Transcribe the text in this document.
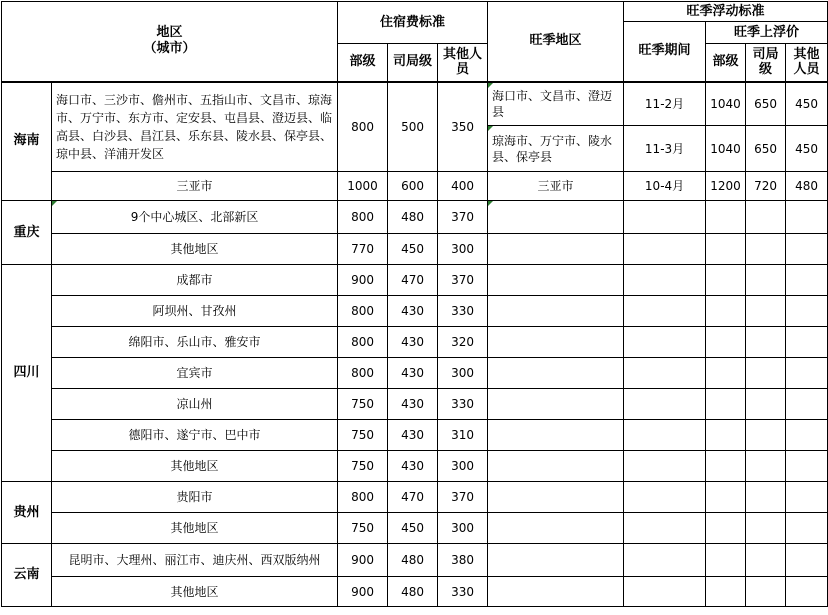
地区
（城市）		住宿费标准			旺季地区	旺季浮动标准			
						旺季期间	旺季上浮价		
		部级	司局级	其他人员			部级	司局级	其他人员
海南	海口市、三沙市、儋州市、五指山市、文昌市、琼海市、万宁市、东方市、定安县、屯昌县、澄迈县、临高县、白沙县、昌江县、乐东县、陵水县、保亭县、琼中县、洋浦开发区	800	500	350	海口市、文昌市、澄迈县	11-2月	1040	650	450
					琼海市、万宁市、陵水县、保亭县	11-3月	1040	650	450
	三亚市	1000	600	400	三亚市	10-4月	1200	720	480
重庆	9个中心城区、北部新区	800	480	370					
	其他地区	770	450	300					
四川	成都市	900	470	370					
	阿坝州、甘孜州	800	430	330					
	绵阳市、乐山市、雅安市	800	430	320					
	宜宾市	800	430	300					
	凉山州	750	430	330					
	德阳市、遂宁市、巴中市	750	430	310					
	其他地区	750	430	300					
贵州	贵阳市	800	470	370					
	其他地区	750	450	300					
云南	昆明市、大理州、丽江市、迪庆州、西双版纳州	900	480	380					
	其他地区	900	480	330					
